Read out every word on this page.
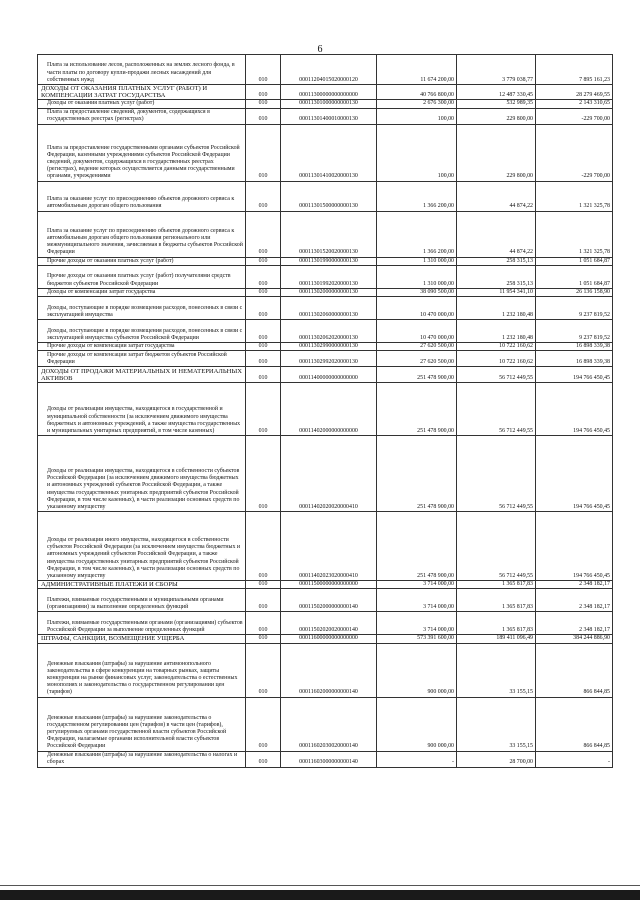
6
Плата за использование лесов, расположенных на землях лесного фонда, в части платы по договору купли-продажи лесных насаждений для собственных нужд	010	00011204015020000120	11 674 200,00	3 779 038,77	7 895 161,23
ДОХОДЫ ОТ ОКАЗАНИЯ ПЛАТНЫХ УСЛУГ (РАБОТ) И КОМПЕНСАЦИИ ЗАТРАТ ГОСУДАРСТВА	010	00011300000000000000	40 766 800,00	12 487 330,45	28 279 469,55
Доходы от оказания платных услуг (работ)	010	00011301000000000130	2 676 300,00	532 989,35	2 143 310,65
Плата за предоставление сведений, документов, содержащихся в государственных реестрах (регистрах)	010	00011301400010000130	100,00	229 800,00	-229 700,00
Плата за предоставление государственными органами субъектов Российской Федерации, казенными учреждениями субъектов Российской Федерации сведений, документов, содержащихся в государственных реестрах (регистрах), ведение которых осуществляется данными государственными органами, учреждениями	010	00011301410020000130	100,00	229 800,00	-229 700,00
Плата за оказание услуг по присоединению объектов дорожного сервиса к автомобильным дорогам общего пользования	010	00011301500000000130	1 366 200,00	44 874,22	1 321 325,78
Плата за оказание услуг по присоединению объектов дорожного сервиса к автомобильным дорогам общего пользования регионального или межмуниципального значения, зачисляемая в бюджеты субъектов Российской Федерации	010	00011301520020000130	1 366 200,00	44 874,22	1 321 325,78
Прочие доходы от оказания платных услуг (работ)	010	00011301990000000130	1 310 000,00	258 315,13	1 051 684,87
Прочие доходы от оказания платных услуг (работ) получателями средств бюджетов субъектов Российской Федерации	010	00011301992020000130	1 310 000,00	258 315,13	1 051 684,87
Доходы от компенсации затрат государства	010	00011302000000000130	38 090 500,00	11 954 341,10	26 136 158,90
Доходы, поступающие в порядке возмещения расходов, понесенных в связи с эксплуатацией имущества	010	00011302060000000130	10 470 000,00	1 232 180,48	9 237 819,52
Доходы, поступающие в порядке возмещения расходов, понесенных в связи с эксплуатацией имущества субъектов Российской Федерации	010	00011302062020000130	10 470 000,00	1 232 180,48	9 237 819,52
Прочие доходы от компенсации затрат государства	010	00011302990000000130	27 620 500,00	10 722 160,62	16 898 339,38
Прочие доходы от компенсации затрат бюджетов субъектов Российской Федерации	010	00011302992020000130	27 620 500,00	10 722 160,62	16 898 339,38
ДОХОДЫ ОТ ПРОДАЖИ МАТЕРИАЛЬНЫХ И НЕМАТЕРИАЛЬНЫХ АКТИВОВ	010	00011400000000000000	251 478 900,00	56 712 449,55	194 766 450,45
Доходы от реализации имущества, находящегося в государственной и муниципальной собственности (за исключением движимого имущества бюджетных и автономных учреждений, а также имущества государственных и муниципальных унитарных предприятий, в том числе казенных)	010	00011402000000000000	251 478 900,00	56 712 449,55	194 766 450,45
Доходы от реализации имущества, находящегося в собственности субъектов Российской Федерации (за исключением движимого имущества бюджетных и автономных учреждений субъектов Российской Федерации, а также имущества государственных унитарных предприятий субъектов Российской Федерации, в том числе казенных), в части реализации основных средств по указанному имуществу	010	00011402020020000410	251 478 900,00	56 712 449,55	194 766 450,45
Доходы от реализации иного имущества, находящегося в собственности субъектов Российской Федерации (за исключением имущества бюджетных и автономных учреждений субъектов Российской Федерации, а также имущества государственных унитарных предприятий субъектов Российской Федерации, в том числе казенных), в части реализации основных средств по указанному имуществу	010	00011402023020000410	251 478 900,00	56 712 449,55	194 766 450,45
АДМИНИСТРАТИВНЫЕ ПЛАТЕЖИ И СБОРЫ	010	00011500000000000000	3 714 000,00	1 365 817,83	2 348 182,17
Платежи, взимаемые государственными и муниципальными органами (организациями) за выполнение определенных функций	010	00011502000000000140	3 714 000,00	1 365 817,83	2 348 182,17
Платежи, взимаемые государственными органами (организациями) субъектов Российской Федерации за выполнение определенных функций	010	00011502020020000140	3 714 000,00	1 365 817,83	2 348 182,17
ШТРАФЫ, САНКЦИИ, ВОЗМЕЩЕНИЕ УЩЕРБА	010	00011600000000000000	573 391 600,00	189 411 096,49	384 244 886,90
Денежные взыскания (штрафы) за нарушение антимонопольного законодательства в сфере конкуренции на товарных рынках, защиты конкуренции на рынке финансовых услуг, законодательства о естественных монополиях и законодательства о государственном регулировании цен (тарифов)	010	00011602000000000140	900 000,00	33 155,15	866 844,85
Денежные взыскания (штрафы) за нарушение законодательства о государственном регулировании цен (тарифов) в части цен (тарифов), регулируемых органами государственной власти субъектов Российской Федерации, налагаемые органами исполнительной власти субъектов Российской Федерации	010	00011602030020000140	900 000,00	33 155,15	866 844,85
Денежные взыскания (штрафы) за нарушение законодательства о налогах и сборах	010	00011603000000000140	-	28 700,00	-
